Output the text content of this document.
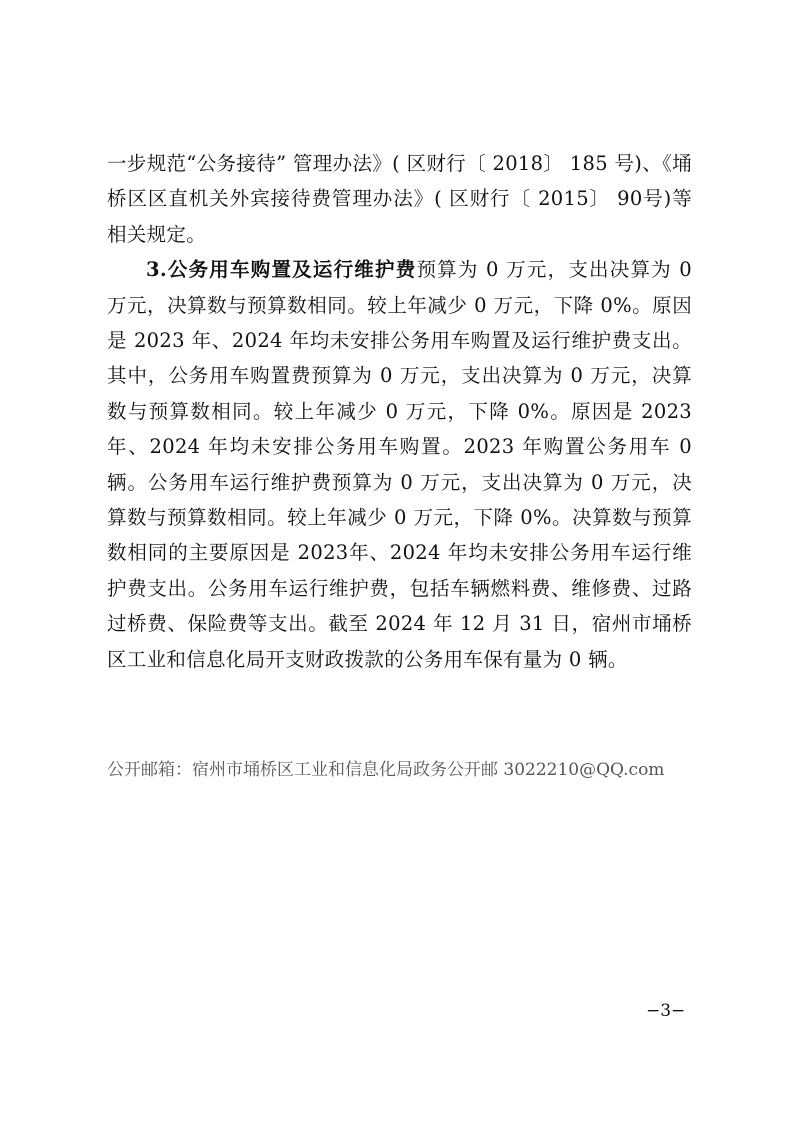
一步规范“公务接待” 管理办法》( 区财行〔 2018〕 185 号)、《埇桥区区直机关外宾接待费管理办法》( 区财行〔 2015〕 90号)等相关规定。

3.公务用车购置及运行维护费预算为 0 万元，支出决算为 0 万元，决算数与预算数相同。较上年减少 0 万元，下降 0%。原因是 2023 年、2024 年均未安排公务用车购置及运行维护费支出。其中，公务用车购置费预算为 0 万元，支出决算为 0 万元，决算数与预算数相同。较上年减少 0 万元，下降 0%。原因是 2023 年、2024 年均未安排公务用车购置。2023 年购置公务用车 0 辆。公务用车运行维护费预算为 0 万元，支出决算为 0 万元，决算数与预算数相同。较上年减少 0 万元，下降 0%。决算数与预算数相同的主要原因是 2023年、2024 年均未安排公务用车运行维护费支出。公务用车运行维护费，包括车辆燃料费、维修费、过路过桥费、保险费等支出。截至 2024 年 12 月 31 日，宿州市埇桥区工业和信息化局开支财政拨款的公务用车保有量为 0 辆。

公开邮箱：宿州市埇桥区工业和信息化局政务公开邮 3022210@QQ.com
−3−
